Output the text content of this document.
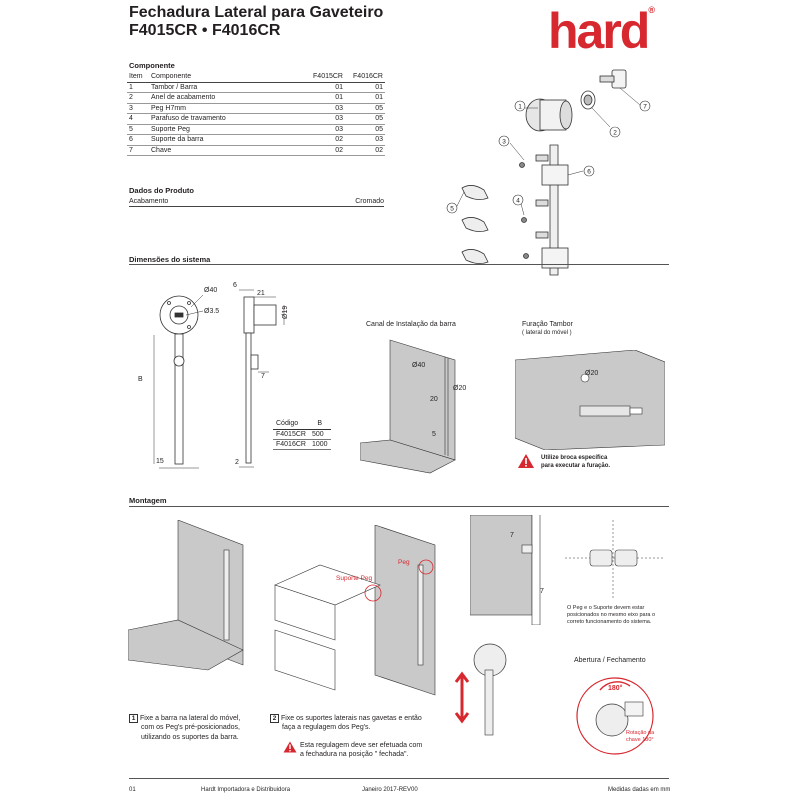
Fechadura Lateral para Gaveteiro
F4015CR • F4016CR	hard®
Componente
Item	Componente	F4015CR	F4016CR
1	Tambor / Barra	01	01
2	Anel de acabamento	01	01
3	Peg H7mm	03	05
4	Parafuso de travamento	03	05
5	Suporte Peg	03	05
6	Suporte da barra	02	03
7	Chave	02	02
Dados do Produto
Acabamento	Cromado
1
2
7
3
6
4
5
Dimensões do sistema
Ø40
Ø3.5
B
15
6
21
Ø19
7
2
Código	B
F4015CR	500
F4016CR	1000
Canal de Instalação da barra
Ø40
Ø20
20
5
Furação Tambor
( lateral do móvel )
Ø20
Utilize broca específica
para executar a furação.
Montagem
Suporte Peg
Peg
7
7
O Peg e o Suporte devem estar posicionados no mesmo eixo para o correto funcionamento do sistema.
Abertura / Fechamento
180°
Rotação da
chave 180°
1 Fixe a barra na lateral do móvel,
com os Peg's pré-posicionados,
utilizando os suportes da barra.
2 Fixe os suportes laterais nas gavetas e então
faça a regulagem dos Peg's.
Esta regulagem deve ser efetuada com
a fechadura na posição " fechada".
01	Hardt Importadora e Distribuidora	Janeiro 2017-REV00	Medidas dadas em mm
